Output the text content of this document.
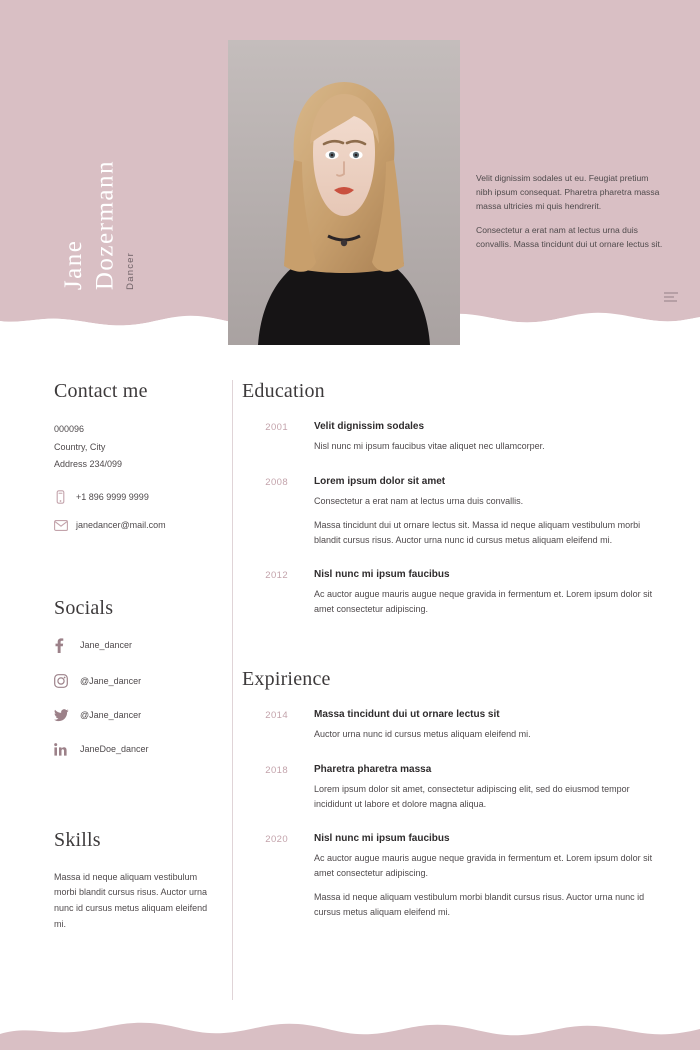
Jane Dozermann Dancer

Velit dignissim sodales ut eu. Feugiat pretium nibh ipsum consequat. Pharetra pharetra massa massa ultricies mi quis hendrerit.

Consectetur a erat nam at lectus urna duis convallis. Massa tincidunt dui ut ornare lectus sit.

Contact me
000096
Country, City
Address 234/099
+1 896 9999 9999
janedancer@mail.com
Socials
Jane_dancer
@Jane_dancer
@Jane_dancer
JaneDoe_dancer
Skills
Massa id neque aliquam vestibulum morbi blandit cursus risus. Auctor urna nunc id cursus metus aliquam eleifend mi.
Education
2001	Velit dignissim sodales
Nisl nunc mi ipsum faucibus vitae aliquet nec ullamcorper.
2008	Lorem ipsum dolor sit amet
Consectetur a erat nam at lectus urna duis convallis.
Massa tincidunt dui ut ornare lectus sit. Massa id neque aliquam vestibulum morbi blandit cursus risus. Auctor urna nunc id cursus metus aliquam eleifend mi.
2012	Nisl nunc mi ipsum faucibus
Ac auctor augue mauris augue neque gravida in fermentum et. Lorem ipsum dolor sit amet consectetur adipiscing.
Expirience
2014	Massa tincidunt dui ut ornare lectus sit
Auctor urna nunc id cursus metus aliquam eleifend mi.
2018	Pharetra pharetra massa
Lorem ipsum dolor sit amet, consectetur adipiscing elit, sed do eiusmod tempor incididunt ut labore et dolore magna aliqua.
2020	Nisl nunc mi ipsum faucibus
Ac auctor augue mauris augue neque gravida in fermentum et. Lorem ipsum dolor sit amet consectetur adipiscing.
Massa id neque aliquam vestibulum morbi blandit cursus risus. Auctor urna nunc id cursus metus aliquam eleifend mi.
